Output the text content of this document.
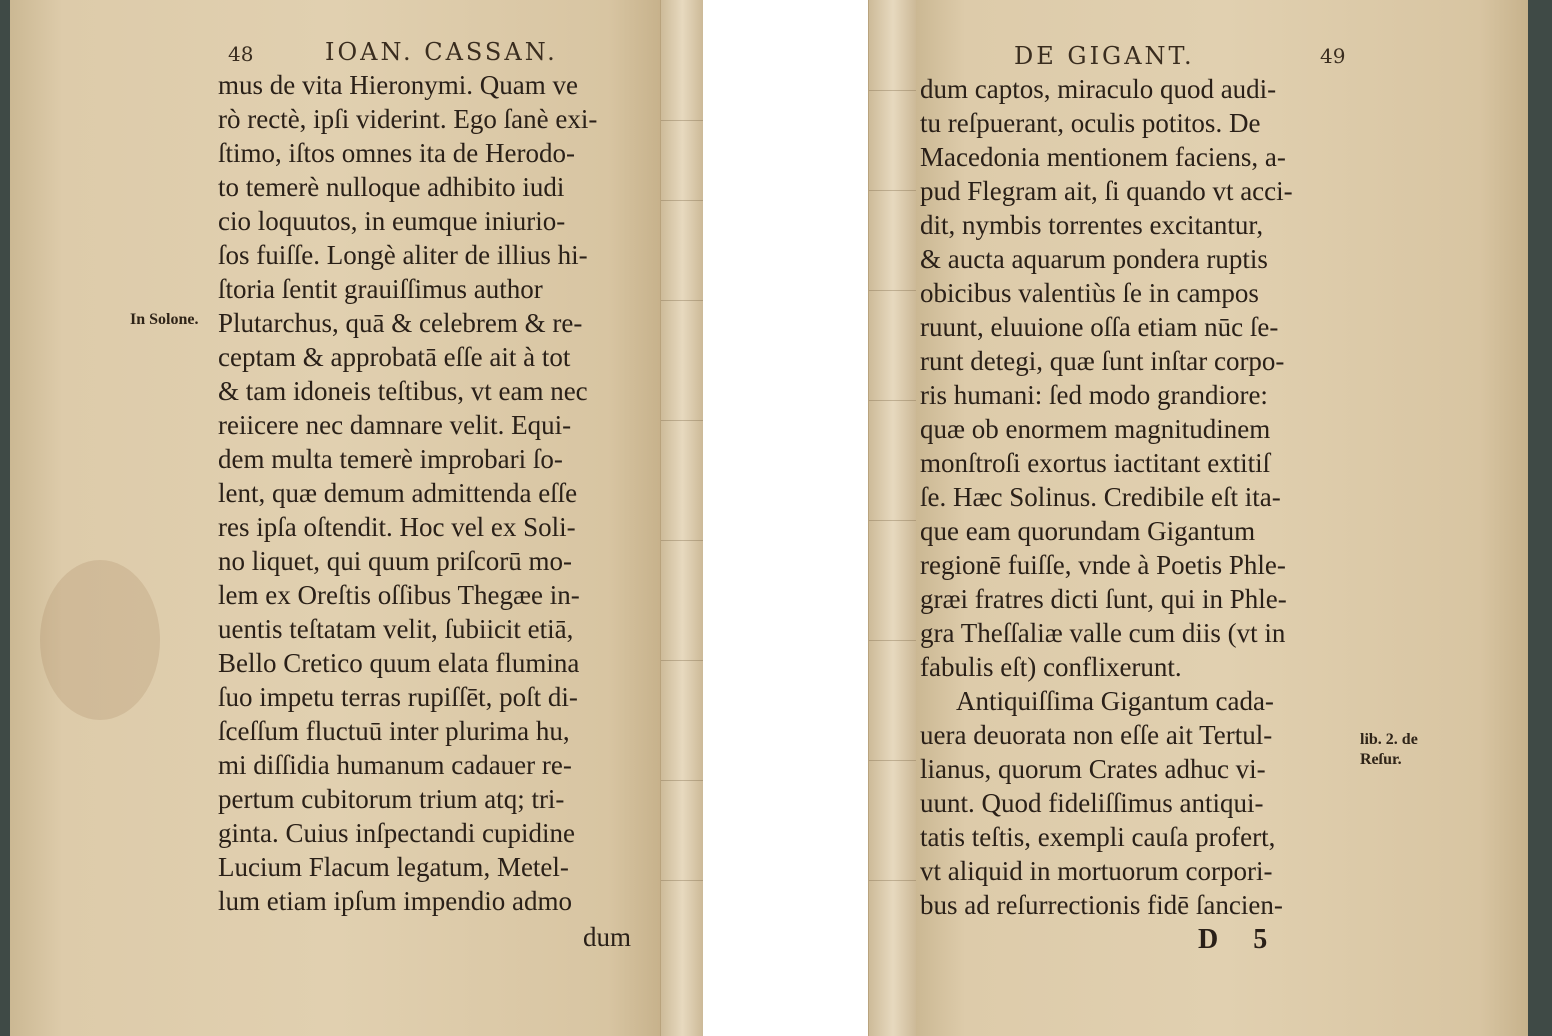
48	IOAN. CASSAN.
In Solone.
mus de vita Hieronymi. Quam ve
rò rectè, ipſi viderint. Ego ſanè exi-
ſtimo, iſtos omnes ita de Herodo-
to temerè nulloque adhibito iudi
cio loquutos, in eumque iniurio-
ſos fuiſſe. Longè aliter de illius hi-
ſtoria ſentit grauiſſimus author
Plutarchus, quā & celebrem & re-
ceptam & approbatā eſſe ait à tot
& tam idoneis teſtibus, vt eam nec
reiicere nec damnare velit. Equi-
dem multa temerè improbari ſo-
lent, quæ demum admittenda eſſe
res ipſa oſtendit. Hoc vel ex Soli-
no liquet, qui quum priſcorū mo-
lem ex Oreſtis oſſibus Thegæe in-
uentis teſtatam velit, ſubiicit etiā,
Bello Cretico quum elata flumina
ſuo impetu terras rupiſſēt, poſt di-
ſceſſum fluctuū inter plurima hu,
mi diſſidia humanum cadauer re-
pertum cubitorum trium atq; tri-
ginta. Cuius inſpectandi cupidine
Lucium Flacum legatum, Metel-
lum etiam ipſum impendio admo
dum
DE GIGANT.	49
dum captos, miraculo quod audi-
tu reſpuerant, oculis potitos. De
Macedonia mentionem faciens, a-
pud Flegram ait, ſi quando vt acci-
dit, nymbis torrentes excitantur,
& aucta aquarum pondera ruptis
obicibus valentiùs ſe in campos
ruunt, eluuione oſſa etiam nūc ſe-
runt detegi, quæ ſunt inſtar corpo-
ris humani: ſed modo grandiore:
quæ ob enormem magnitudinem
monſtroſi exortus iactitant extitiſ
ſe. Hæc Solinus. Credibile eſt ita-
que eam quorundam Gigantum
regionē fuiſſe, vnde à Poetis Phle-
græi fratres dicti ſunt, qui in Phle-
gra Theſſaliæ valle cum diis (vt in
fabulis eſt) conflixerunt.
Antiquiſſima Gigantum cada-
uera deuorata non eſſe ait Tertul-
lianus, quorum Crates adhuc vi-
uunt. Quod fideliſſimus antiqui-
tatis teſtis, exempli cauſa profert,
vt aliquid in mortuorum corpori-
bus ad reſurrectionis fidē ſancien-
lib. 2. de
Reſur.
D 5
